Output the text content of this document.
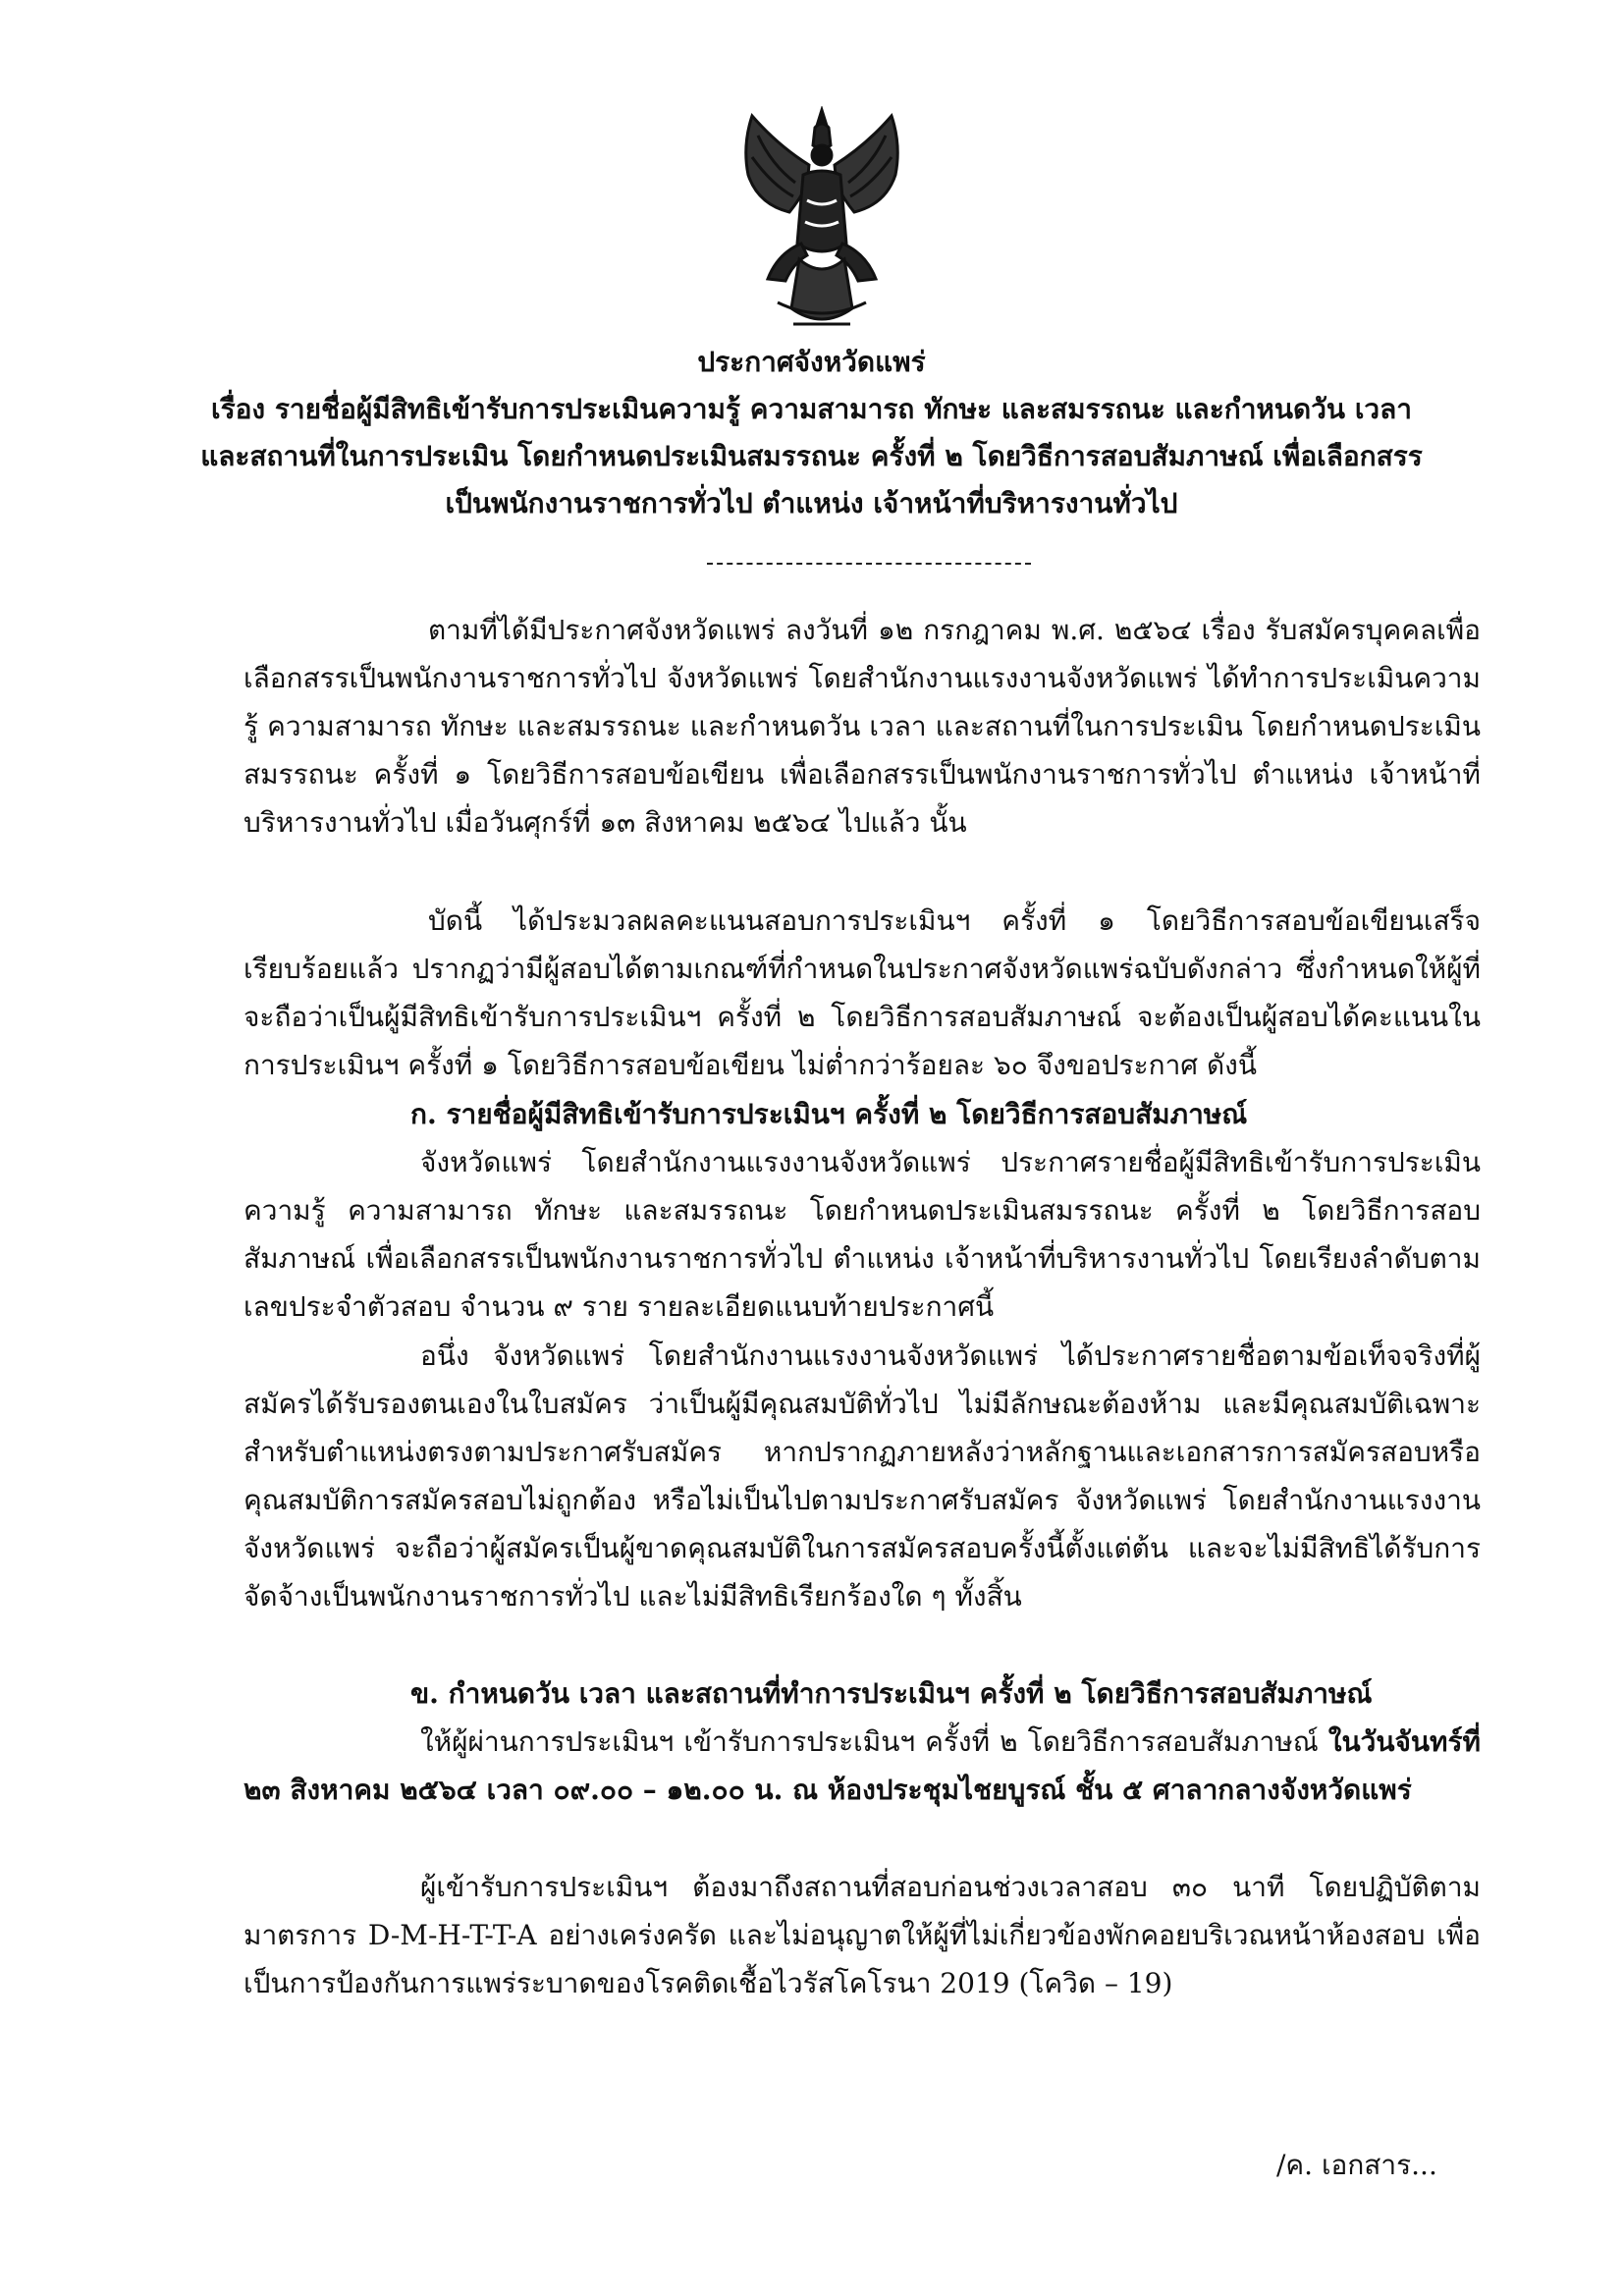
ประกาศจังหวัดแพร่
เรื่อง รายชื่อผู้มีสิทธิเข้ารับการประเมินความรู้ ความสามารถ ทักษะ และสมรรถนะ และกำหนดวัน เวลา และสถานที่ในการประเมิน โดยกำหนดประเมินสมรรถนะ ครั้งที่ ๒ โดยวิธีการสอบสัมภาษณ์ เพื่อเลือกสรรเป็นพนักงานราชการทั่วไป ตำแหน่ง เจ้าหน้าที่บริหารงานทั่วไป

ตามที่ได้มีประกาศจังหวัดแพร่ ลงวันที่ ๑๒ กรกฎาคม พ.ศ. ๒๕๖๔ เรื่อง รับสมัครบุคคลเพื่อเลือกสรรเป็นพนักงานราชการทั่วไป จังหวัดแพร่ โดยสำนักงานแรงงานจังหวัดแพร่ ได้ทำการประเมินความรู้ ความสามารถ ทักษะ และสมรรถนะ และกำหนดวัน เวลา และสถานที่ในการประเมิน โดยกำหนดประเมินสมรรถนะ ครั้งที่ ๑ โดยวิธีการสอบข้อเขียน เพื่อเลือกสรรเป็นพนักงานราชการทั่วไป ตำแหน่ง เจ้าหน้าที่บริหารงานทั่วไป เมื่อวันศุกร์ที่ ๑๓ สิงหาคม ๒๕๖๔ ไปแล้ว นั้น

บัดนี้ ได้ประมวลผลคะแนนสอบการประเมินฯ ครั้งที่ ๑ โดยวิธีการสอบข้อเขียนเสร็จเรียบร้อยแล้ว ปรากฏว่ามีผู้สอบได้ตามเกณฑ์ที่กำหนดในประกาศจังหวัดแพร่ฉบับดังกล่าว ซึ่งกำหนดให้ผู้ที่จะถือว่าเป็นผู้มีสิทธิเข้ารับการประเมินฯ ครั้งที่ ๒ โดยวิธีการสอบสัมภาษณ์ จะต้องเป็นผู้สอบได้คะแนนในการประเมินฯ ครั้งที่ ๑ โดยวิธีการสอบข้อเขียน ไม่ต่ำกว่าร้อยละ ๖๐ จึงขอประกาศ ดังนี้

ก. รายชื่อผู้มีสิทธิเข้ารับการประเมินฯ ครั้งที่ ๒ โดยวิธีการสอบสัมภาษณ์

จังหวัดแพร่ โดยสำนักงานแรงงานจังหวัดแพร่ ประกาศรายชื่อผู้มีสิทธิเข้ารับการประเมินความรู้ ความสามารถ ทักษะ และสมรรถนะ โดยกำหนดประเมินสมรรถนะ ครั้งที่ ๒ โดยวิธีการสอบสัมภาษณ์ เพื่อเลือกสรรเป็นพนักงานราชการทั่วไป ตำแหน่ง เจ้าหน้าที่บริหารงานทั่วไป โดยเรียงลำดับตามเลขประจำตัวสอบ จำนวน ๙ ราย รายละเอียดแนบท้ายประกาศนี้

อนึ่ง จังหวัดแพร่ โดยสำนักงานแรงงานจังหวัดแพร่ ได้ประกาศรายชื่อตามข้อเท็จจริงที่ผู้สมัครได้รับรองตนเองในใบสมัคร ว่าเป็นผู้มีคุณสมบัติทั่วไป ไม่มีลักษณะต้องห้าม และมีคุณสมบัติเฉพาะสำหรับตำแหน่งตรงตามประกาศรับสมัคร หากปรากฏภายหลังว่าหลักฐานและเอกสารการสมัครสอบหรือคุณสมบัติการสมัครสอบไม่ถูกต้อง หรือไม่เป็นไปตามประกาศรับสมัคร จังหวัดแพร่ โดยสำนักงานแรงงานจังหวัดแพร่ จะถือว่าผู้สมัครเป็นผู้ขาดคุณสมบัติในการสมัครสอบครั้งนี้ตั้งแต่ต้น และจะไม่มีสิทธิได้รับการจัดจ้างเป็นพนักงานราชการทั่วไป และไม่มีสิทธิเรียกร้องใด ๆ ทั้งสิ้น

ข. กำหนดวัน เวลา และสถานที่ทำการประเมินฯ ครั้งที่ ๒ โดยวิธีการสอบสัมภาษณ์

ให้ผู้ผ่านการประเมินฯ เข้ารับการประเมินฯ ครั้งที่ ๒ โดยวิธีการสอบสัมภาษณ์ ในวันจันทร์ที่ ๒๓ สิงหาคม ๒๕๖๔ เวลา ๐๙.๐๐ – ๑๒.๐๐ น. ณ ห้องประชุมไชยบูรณ์ ชั้น ๕ ศาลากลางจังหวัดแพร่

ผู้เข้ารับการประเมินฯ ต้องมาถึงสถานที่สอบก่อนช่วงเวลาสอบ ๓๐ นาที โดยปฏิบัติตามมาตรการ D-M-H-T-T-A อย่างเคร่งครัด และไม่อนุญาตให้ผู้ที่ไม่เกี่ยวข้องพักคอยบริเวณหน้าห้องสอบ เพื่อเป็นการป้องกันการแพร่ระบาดของโรคติดเชื้อไวรัสโคโรนา 2019 (โควิด – 19)

/ค. เอกสาร...
